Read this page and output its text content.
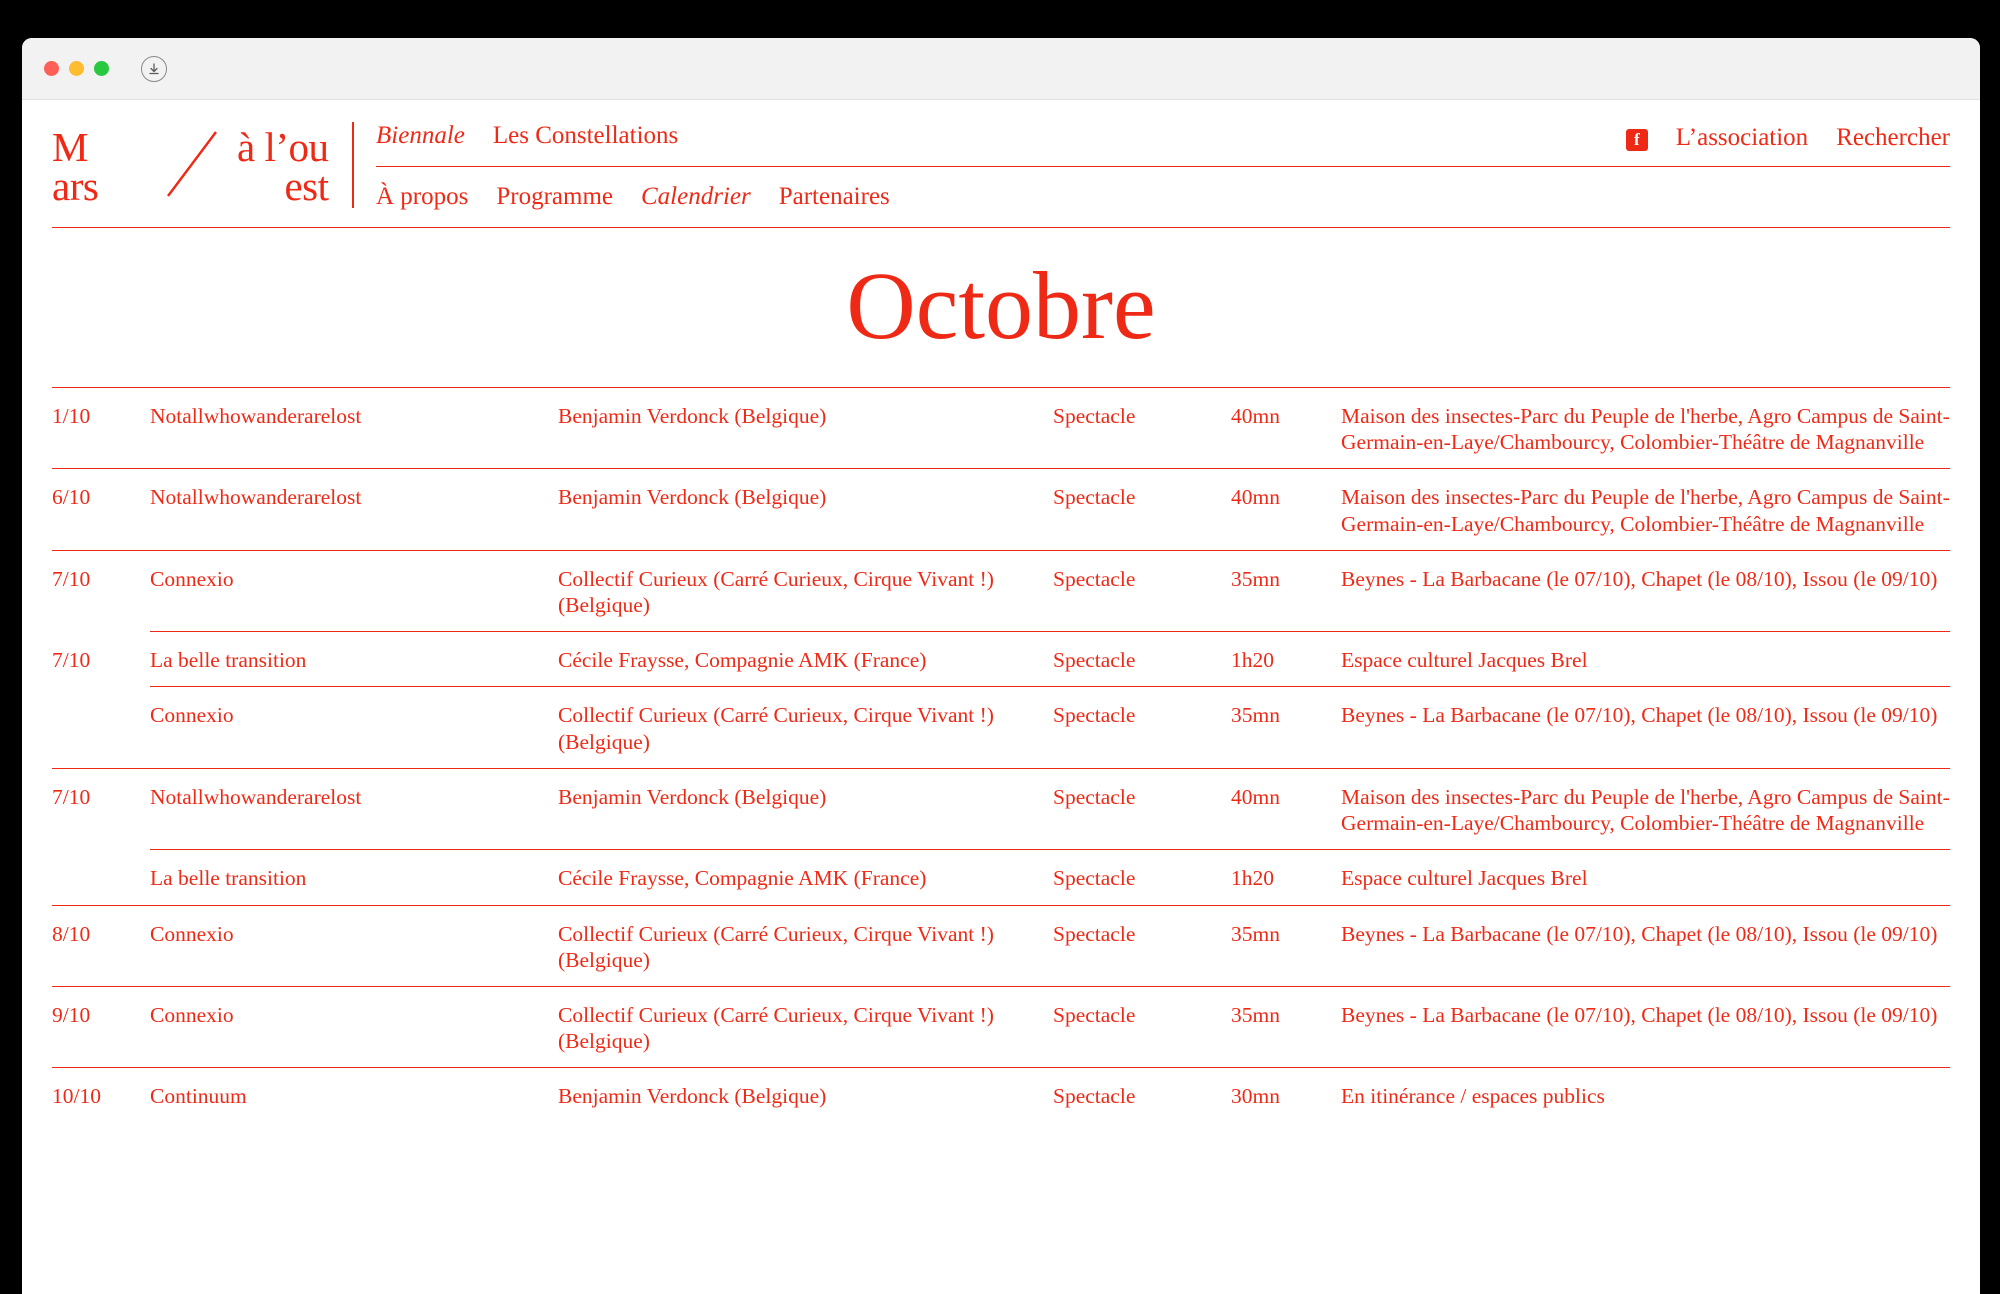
M
ars
à l’ou
est
Biennale Les Constellations	f	L’association Rechercher
À propos Programme Calendrier Partenaires
Octobre
1/10	Notallwhowanderarelost	Benjamin Verdonck (Belgique)	Spectacle	40mn	Maison des insectes-Parc du Peuple de l'herbe, Agro Campus de Saint-Germain-en-Laye/Chambourcy, Colombier-Théâtre de Magnanville
6/10	Notallwhowanderarelost	Benjamin Verdonck (Belgique)	Spectacle	40mn	Maison des insectes-Parc du Peuple de l'herbe, Agro Campus de Saint-Germain-en-Laye/Chambourcy, Colombier-Théâtre de Magnanville
7/10	Connexio	Collectif Curieux (Carré Curieux, Cirque Vivant !) (Belgique)	Spectacle	35mn	Beynes - La Barbacane (le 07/10), Chapet (le 08/10), Issou (le 09/10)
7/10	La belle transition	Cécile Fraysse, Compagnie AMK (France)	Spectacle	1h20	Espace culturel Jacques Brel
	Connexio	Collectif Curieux (Carré Curieux, Cirque Vivant !) (Belgique)	Spectacle	35mn	Beynes - La Barbacane (le 07/10), Chapet (le 08/10), Issou (le 09/10)
7/10	Notallwhowanderarelost	Benjamin Verdonck (Belgique)	Spectacle	40mn	Maison des insectes-Parc du Peuple de l'herbe, Agro Campus de Saint-Germain-en-Laye/Chambourcy, Colombier-Théâtre de Magnanville
	La belle transition	Cécile Fraysse, Compagnie AMK (France)	Spectacle	1h20	Espace culturel Jacques Brel
8/10	Connexio	Collectif Curieux (Carré Curieux, Cirque Vivant !) (Belgique)	Spectacle	35mn	Beynes - La Barbacane (le 07/10), Chapet (le 08/10), Issou (le 09/10)
9/10	Connexio	Collectif Curieux (Carré Curieux, Cirque Vivant !) (Belgique)	Spectacle	35mn	Beynes - La Barbacane (le 07/10), Chapet (le 08/10), Issou (le 09/10)
10/10	Continuum	Benjamin Verdonck (Belgique)	Spectacle	30mn	En itinérance / espaces publics
